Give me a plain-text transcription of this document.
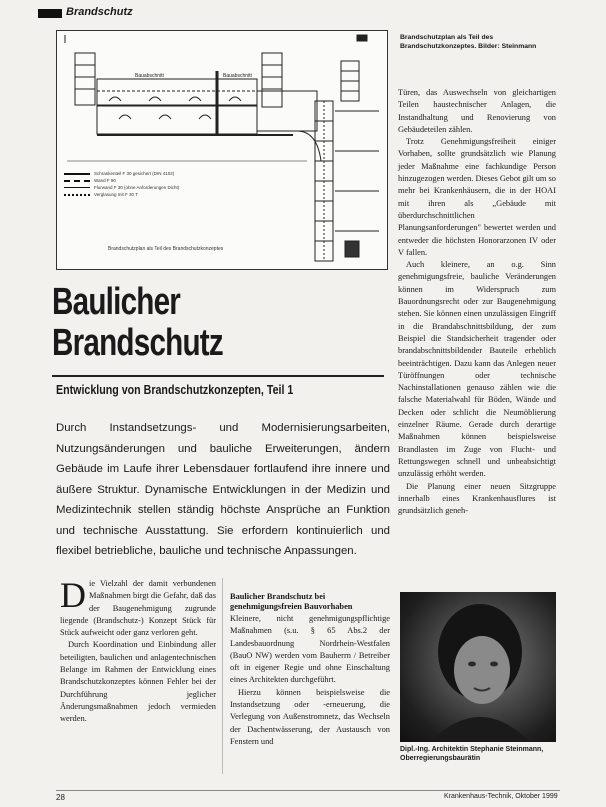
Brandschutz
Bauabschnitt	Bauabschnitt
Schrankenteil F 30 gesichert (DIN 4102)
Wand F 90
Flurwand F 30 (ohne Anforderungen Dicht)
Verglasung mit F 30 T
Brandschutzplan als Teil des Brandschutzkonzeptes
Brandschutzplan als Teil des Brandschutzkonzeptes. Bilder: Steinmann
Baulicher
Brandschutz
Entwicklung von Brandschutzkonzepten, Teil 1
Durch Instandsetzungs- und Modernisierungsarbeiten, Nutzungsänderungen und bauliche Erweiterungen, ändern Gebäude im Laufe ihrer Lebensdauer fortlaufend ihre innere und äußere Struktur. Dynamische Entwicklungen in der Medizin und Medizintechnik stellen ständig höchste Ansprüche an Funktion und technische Ausstattung. Sie erfordern kontinuierlich und flexibel betriebliche, bauliche und technische Anpassungen.

Türen, das Auswechseln von gleichartigen Teilen haustechnischer Anlagen, die Instandhaltung und Renovierung von Gebäudeteilen zählen.

Trotz Genehmigungsfreiheit einiger Vorhaben, sollte grundsätzlich wie Planung jeder Maßnahme eine fachkundige Person hinzugezogen werden. Dieses Gebot gilt um so mehr bei Krankenhäusern, die in der HOAI mit ihren als „Gebäude mit überdurchschnittlichen Planungsanforderungen" bewertet werden und entweder die höchsten Honorarzonen IV oder V fallen.

Auch kleinere, an o.g. Sinn genehmigungsfreie, bauliche Veränderungen können im Widerspruch zum Bauordnungsrecht oder zur Baugenehmigung stehen. Sie können einen unzulässigen Eingriff in die Brandabschnittsbildung, der zum Beispiel die Standsicherheit tragender oder brandabschnittsbildender Bauteile erheblich beeinträchtigen. Dazu kann das Anlegen neuer Türöffnungen oder technische Nachinstallationen genauso zählen wie die falsche Materialwahl für Böden, Wände und Decken oder schlicht die Neumöblierung einzelner Räume. Gerade durch derartige Maßnahmen können beispielsweise Brandlasten im Zuge von Flucht- und Rettungswegen schnell und unbeabsichtigt unzulässig erhöht werden.

Die Planung einer neuen Sitzgruppe innerhalb eines Krankenhausflures ist grundsätzlich geneh-

Die Vielzahl der damit verbundenen Maßnahmen birgt die Gefahr, daß das der Baugenehmigung zugrunde liegende (Brandschutz-) Konzept Stück für Stück aufweicht oder ganz verloren geht.

Durch Koordination und Einbindung aller beteiligten, baulichen und anlagentechnischen Belange im Rahmen der Entwicklung eines Brandschutzkonzeptes können Fehler bei der Durchführung jeglicher Änderungsmaßnahmen jedoch vermieden werden.

Baulicher Brandschutz bei genehmigungsfreien Bauvorhaben

Kleinere, nicht genehmigungspflichtige Maßnahmen (s.u. § 65 Abs.2 der Landesbauordnung Nordrhein-Westfalen (BauO NW) werden vom Bauherrn / Betreiber oft in eigener Regie und ohne Einschaltung eines Architekten durchgeführt.

Hierzu können beispielsweise die Instandsetzung oder -erneuerung, die Verlegung von Außenstromnetz, das Wechseln der Dachentwässerung, der Austausch von Fenstern und

Dipl.-Ing. Architektin Stephanie Steinmann, Oberregierungsbaurätin
28	Krankenhaus-Technik, Oktober 1999
